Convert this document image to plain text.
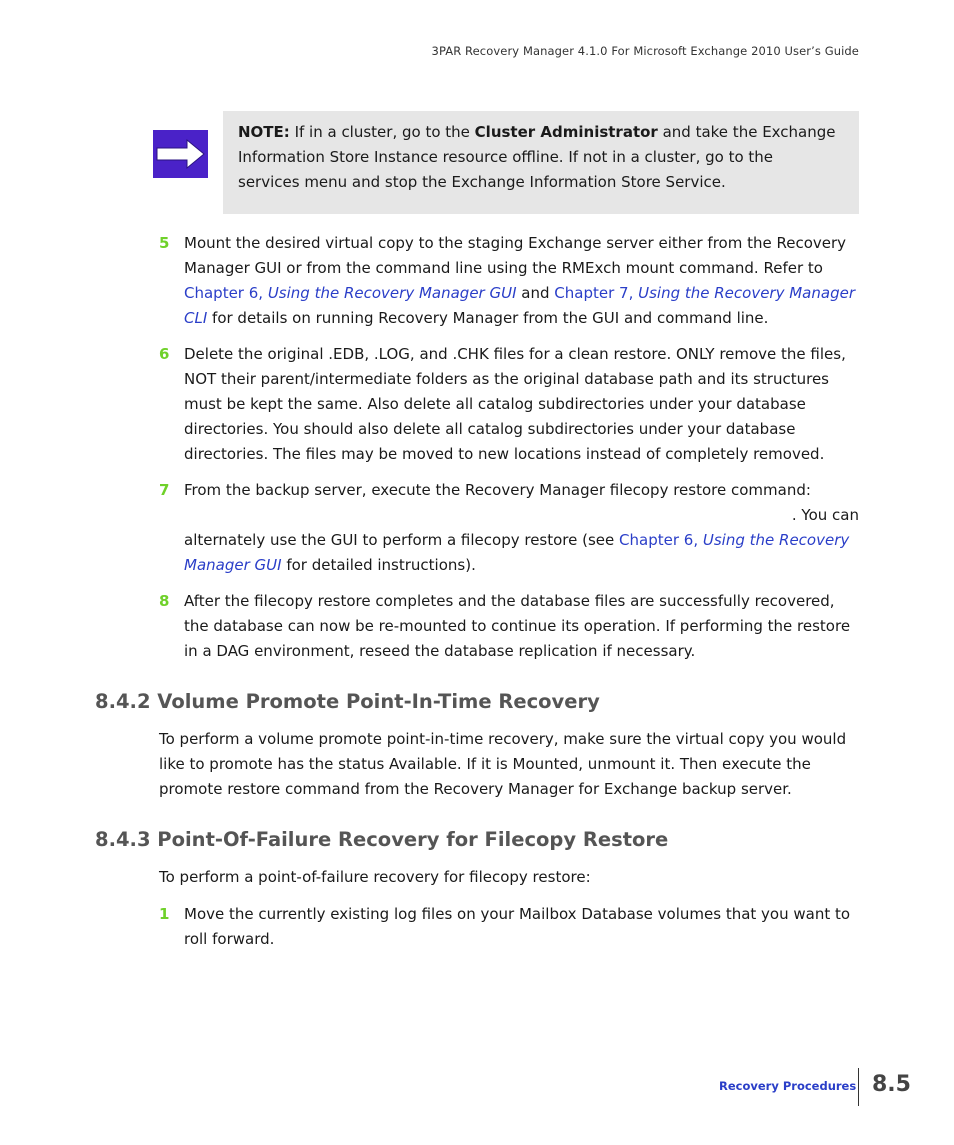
3PAR Recovery Manager 4.1.0 For Microsoft Exchange 2010 User’s Guide
NOTE: If in a cluster, go to the Cluster Administrator and take the Exchange Information Store Instance resource offline. If not in a cluster, go to the services menu and stop the Exchange Information Store Service.
5 Mount the desired virtual copy to the staging Exchange server either from the Recovery Manager GUI or from the command line using the RMExch mount command. Refer to Chapter 6, Using the Recovery Manager GUI and Chapter 7, Using the Recovery Manager CLI for details on running Recovery Manager from the GUI and command line.
6 Delete the original .EDB, .LOG, and .CHK files for a clean restore. ONLY remove the files, NOT their parent/intermediate folders as the original database path and its structures must be kept the same. Also delete all catalog subdirectories under your database directories. You should also delete all catalog subdirectories under your database directories. The files may be moved to new locations instead of completely removed.
7 From the backup server, execute the Recovery Manager filecopy restore command:
. You can
alternately use the GUI to perform a filecopy restore (see Chapter 6, Using the Recovery Manager GUI for detailed instructions).
8 After the filecopy restore completes and the database files are successfully recovered, the database can now be re-mounted to continue its operation. If performing the restore in a DAG environment, reseed the database replication if necessary.
8.4.2 Volume Promote Point-In-Time Recovery
To perform a volume promote point-in-time recovery, make sure the virtual copy you would like to promote has the status Available. If it is Mounted, unmount it. Then execute the promote restore command from the Recovery Manager for Exchange backup server.
8.4.3 Point-Of-Failure Recovery for Filecopy Restore
To perform a point-of-failure recovery for filecopy restore:
1 Move the currently existing log files on your Mailbox Database volumes that you want to roll forward.
Recovery Procedures 8.5
